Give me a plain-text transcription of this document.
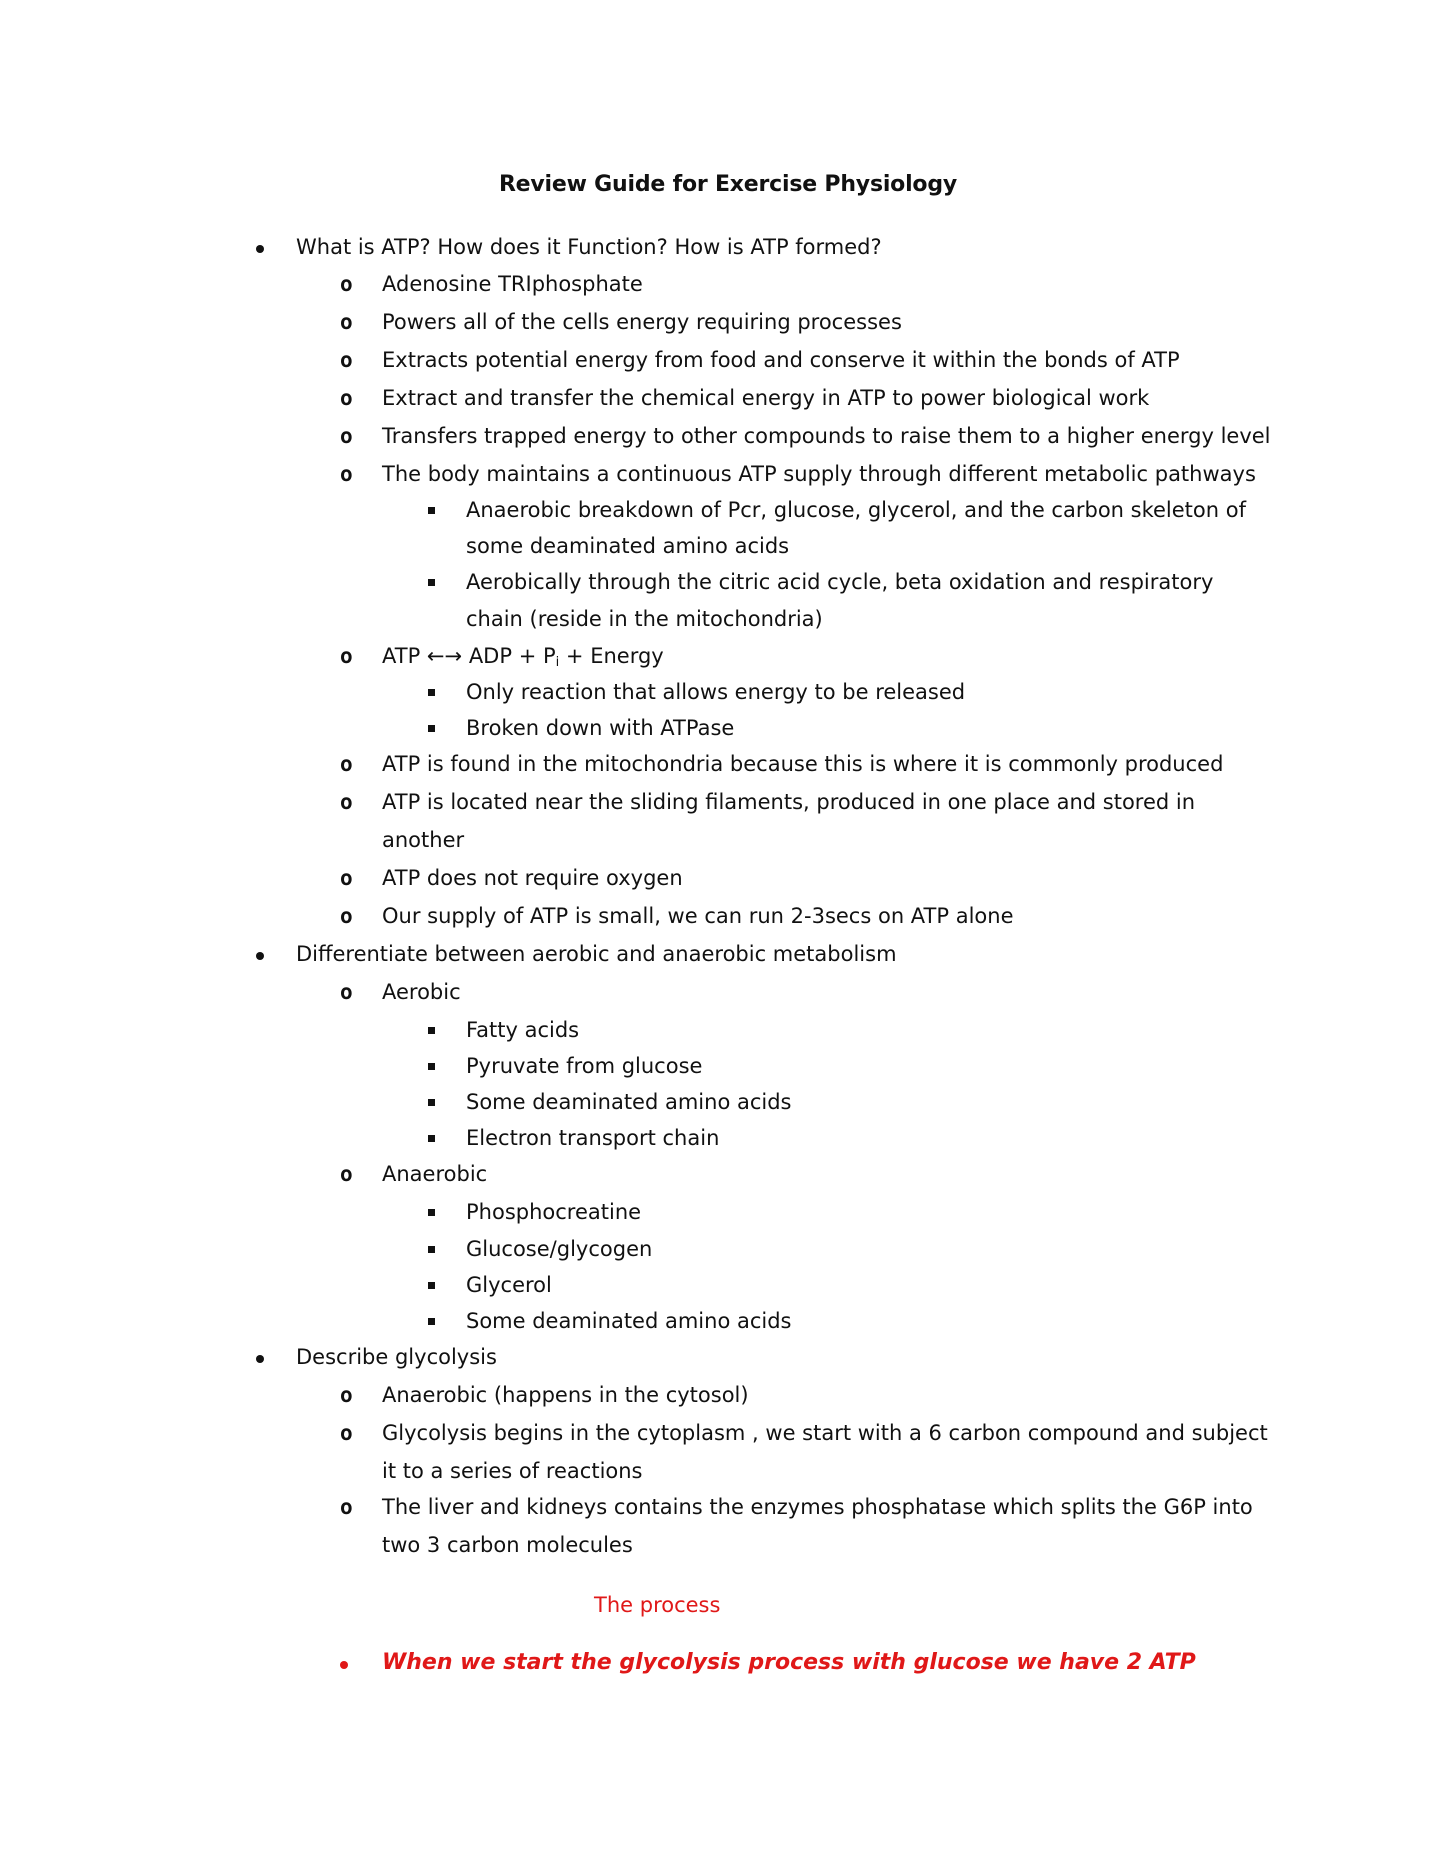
Review Guide for Exercise Physiology
What is ATP? How does it Function? How is ATP formed?
o Adenosine TRIphosphate
o Powers all of the cells energy requiring processes
o Extracts potential energy from food and conserve it within the bonds of ATP
o Extract and transfer the chemical energy in ATP to power biological work
o Transfers trapped energy to other compounds to raise them to a higher energy level
o The body maintains a continuous ATP supply through different metabolic pathways
Anaerobic breakdown of Pcr, glucose, glycerol, and the carbon skeleton of
some deaminated amino acids
Aerobically through the citric acid cycle, beta oxidation and respiratory
chain (reside in the mitochondria)
o ATP ←→ ADP + $P_i$ + Energy
Only reaction that allows energy to be released
Broken down with ATPase
o ATP is found in the mitochondria because this is where it is commonly produced
o ATP is located near the sliding filaments, produced in one place and stored in
another
o ATP does not require oxygen
o Our supply of ATP is small, we can run 2-3secs on ATP alone
Differentiate between aerobic and anaerobic metabolism
o Aerobic
Fatty acids
Pyruvate from glucose
Some deaminated amino acids
Electron transport chain
o Anaerobic
Phosphocreatine
Glucose/glycogen
Glycerol
Some deaminated amino acids
Describe glycolysis
o Anaerobic (happens in the cytosol)
o Glycolysis begins in the cytoplasm , we start with a 6 carbon compound and subject
it to a series of reactions
o The liver and kidneys contains the enzymes phosphatase which splits the G6P into
two 3 carbon molecules
The process
When we start the glycolysis process with glucose we have 2 ATP
